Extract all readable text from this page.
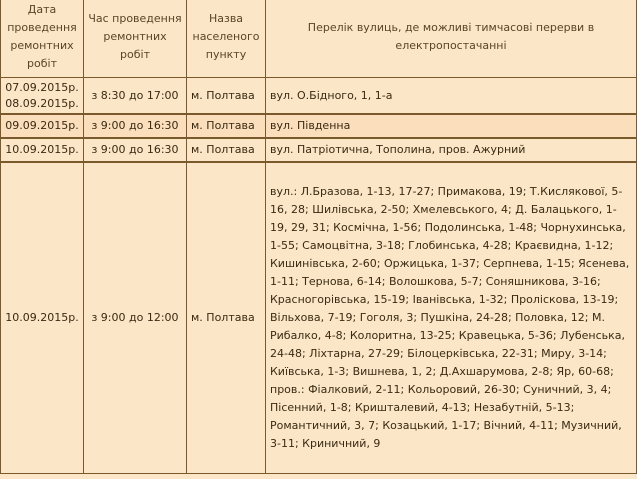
Дата проведення ремонтних робіт	Час проведення ремонтних робіт	Назва населеного пункту	Перелік вулиць, де можливі тимчасові перерви в електропостачанні
07.09.2015р. 08.09.2015р.	з 8:30 до 17:00	м. Полтава	вул. О.Бідного, 1, 1-а
09.09.2015р.	з 9:00 до 16:30	м. Полтава	вул. Південна
10.09.2015р.	з 9:00 до 16:30	м. Полтава	вул. Патріотична, Тополина, пров. Ажурний
10.09.2015р.	з 9:00 до 12:00	м. Полтава	вул.: Л.Бразова, 1-13, 17-27; Примакова, 19; Т.Кислякової, 5-16, 28; Шилівська, 2-50; Хмелевського, 4; Д. Балацького, 1-19, 29, 31; Космічна, 1-56; Подолинська, 1-48; Чорнухинська, 1-55; Самоцвітна, 3-18; Глобинська, 4-28; Краєвидна, 1-12; Кишинівська, 2-60; Оржицька, 1-37; Серпнева, 1-15; Ясенева, 1-11; Тернова, 6-14; Волошкова, 5-7; Соняшникова, 3-16; Красногорівська, 15-19; Іванівська, 1-32; Пролiскова, 13-19; Вільхова, 7-19; Гоголя, 3; Пушкіна, 24-28; Половка, 12; М. Рибалко, 4-8; Колоритна, 13-25; Кравецька, 5-36; Лубенська, 24-48; Ліхтарна, 27-29; Білоцерківська, 22-31; Миру, 3-14; Київська, 1-3; Вишнева, 1, 2; Д.Ахшарумова, 2-8; Яр, 60-68; пров.: Фіалковий, 2-11; Кольоровий, 26-30; Суничний, 3, 4; Пісенний, 1-8; Кришталевий, 4-13; Незабутній, 5-13; Романтичний, 3, 7; Козацький, 1-17; Вічний, 4-11; Музичний, 3-11; Криничний, 9
